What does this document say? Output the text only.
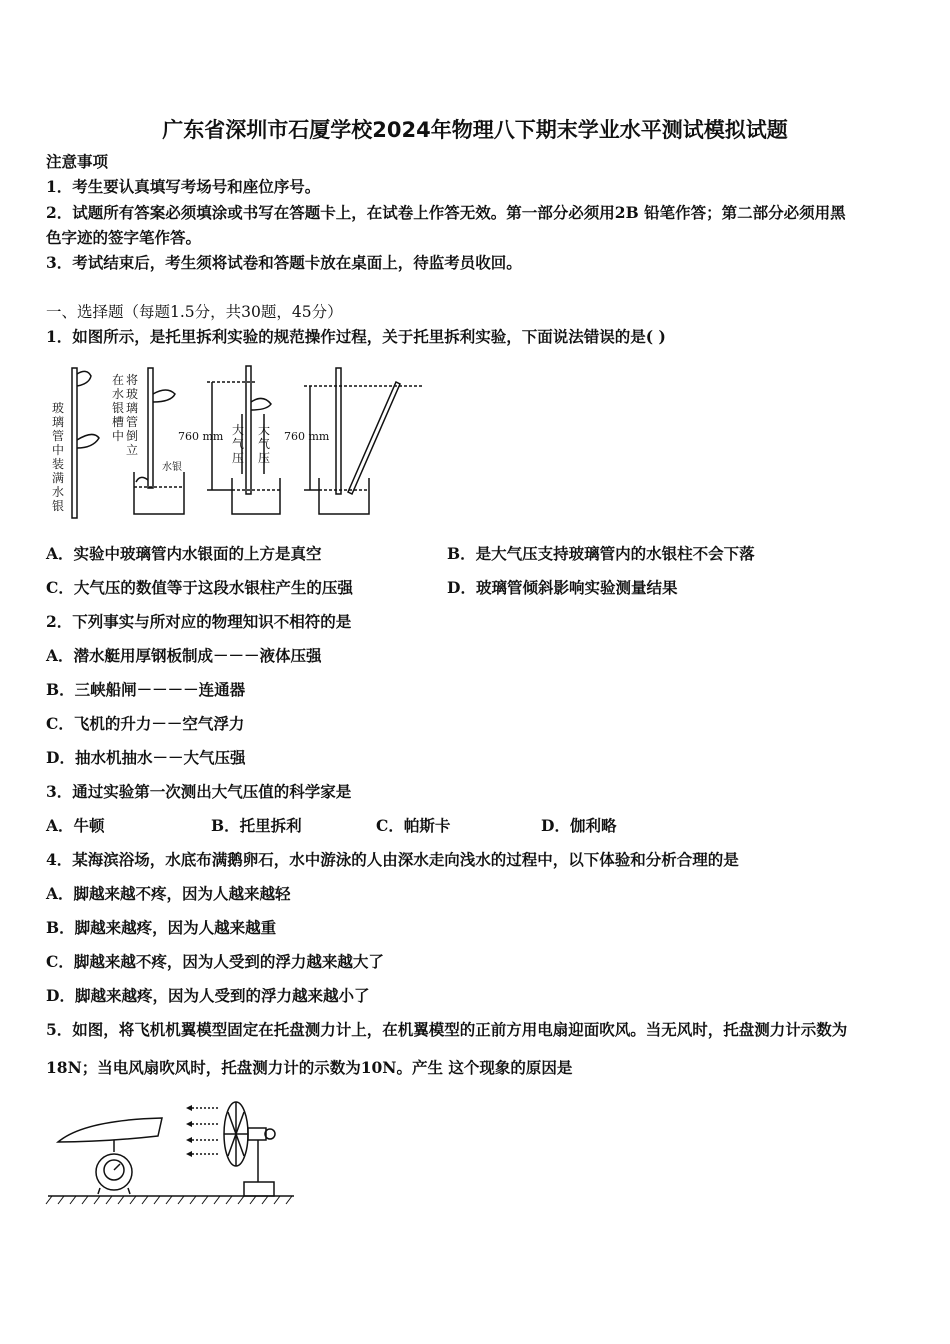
广东省深圳市石厦学校2024年物理八下期末学业水平测试模拟试题
注意事项
1．考生要认真填写考场号和座位序号。
2．试题所有答案必须填涂或书写在答题卡上，在试卷上作答无效。第一部分必须用2B 铅笔作答；第二部分必须用黑
色字迹的签字笔作答。
3．考试结束后，考生须将试卷和答题卡放在桌面上，待监考员收回。
一、选择题（每题1.5分，共30题，45分）
1．如图所示，是托里拆利实验的规范操作过程，关于托里拆利实验，下面说法错误的是( )
玻
璃
管
中
装
满
水
银
在
水
银
槽
中
将
玻
璃
管
倒
立
水银
760 mm 大
气
压
大
气
压
760 mm
A．实验中玻璃管内水银面的上方是真空	B．是大气压支持玻璃管内的水银柱不会下落
C．大气压的数值等于这段水银柱产生的压强	D．玻璃管倾斜影响实验测量结果
2．下列事实与所对应的物理知识不相符的是
A．潜水艇用厚钢板制成－－－液体压强
B．三峡船闸－－－－连通器
C．飞机的升力－－空气浮力
D．抽水机抽水－－大气压强
3．通过实验第一次测出大气压值的科学家是
A．牛顿	B．托里拆利	C．帕斯卡	D．伽利略
4．某海滨浴场，水底布满鹅卵石，水中游泳的人由深水走向浅水的过程中，以下体验和分析合理的是
A．脚越来越不疼，因为人越来越轻
B．脚越来越疼，因为人越来越重
C．脚越来越不疼，因为人受到的浮力越来越大了
D．脚越来越疼，因为人受到的浮力越来越小了
5．如图，将飞机机翼模型固定在托盘测力计上，在机翼模型的正前方用电扇迎面吹风。当无风时，托盘测力计示数为
18N；当电风扇吹风时，托盘测力计的示数为10N。产生 这个现象的原因是
